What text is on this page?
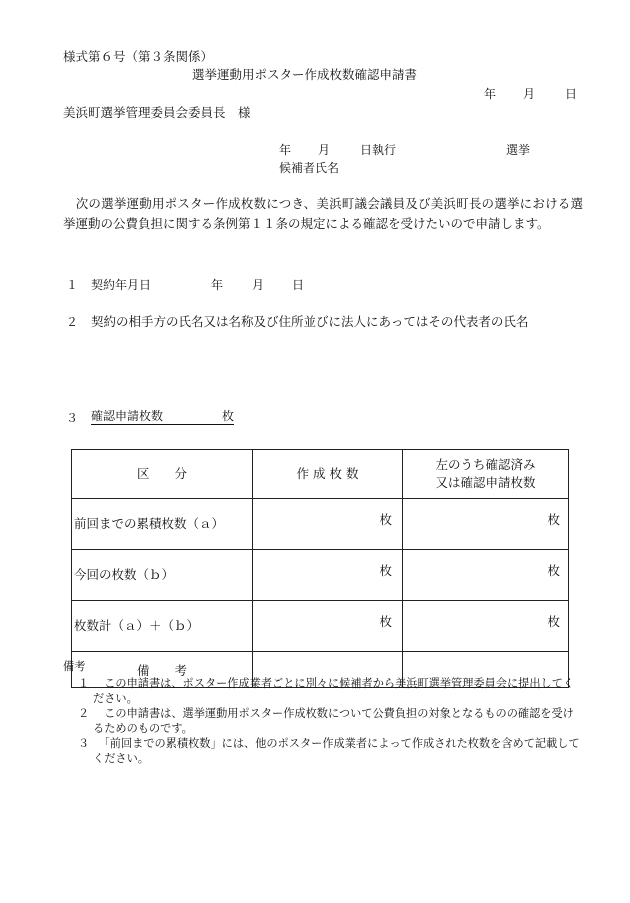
様式第６号（第３条関係）
選挙運動用ポスター作成枚数確認申請書
年 月 日
美浜町選挙管理委員会委員長　様
年 月 日執行	選挙
候補者氏名
　次の選挙運動用ポスター作成枚数につき、美浜町議会議員及び美浜町長の選挙における選挙運動の公費負担に関する条例第１１条の規定による確認を受けたいので申請します。
１ 契約年月日	年 月 日
２ 契約の相手方の氏名又は名称及び住所並びに法人にあってはその代表者の氏名
３ 確認申請枚数	枚
区　　分	作 成 枚 数	左のうち確認済み
又は確認申請枚数

前回までの累積枚数（ａ）	枚	枚
今回の枚数（ｂ）	枚	枚
枚数計（ａ）＋（ｂ）	枚	枚
備　　考		
備考
１ 　この申請書は、ポスター作成業者ごとに別々に候補者から美浜町選挙管理委員会に提出してください。
２ 　この申請書は、選挙運動用ポスター作成枚数について公費負担の対象となるものの確認を受けるためのものです。
３ 　「前回までの累積枚数」には、他のポスター作成業者によって作成された枚数を含めて記載してください。
